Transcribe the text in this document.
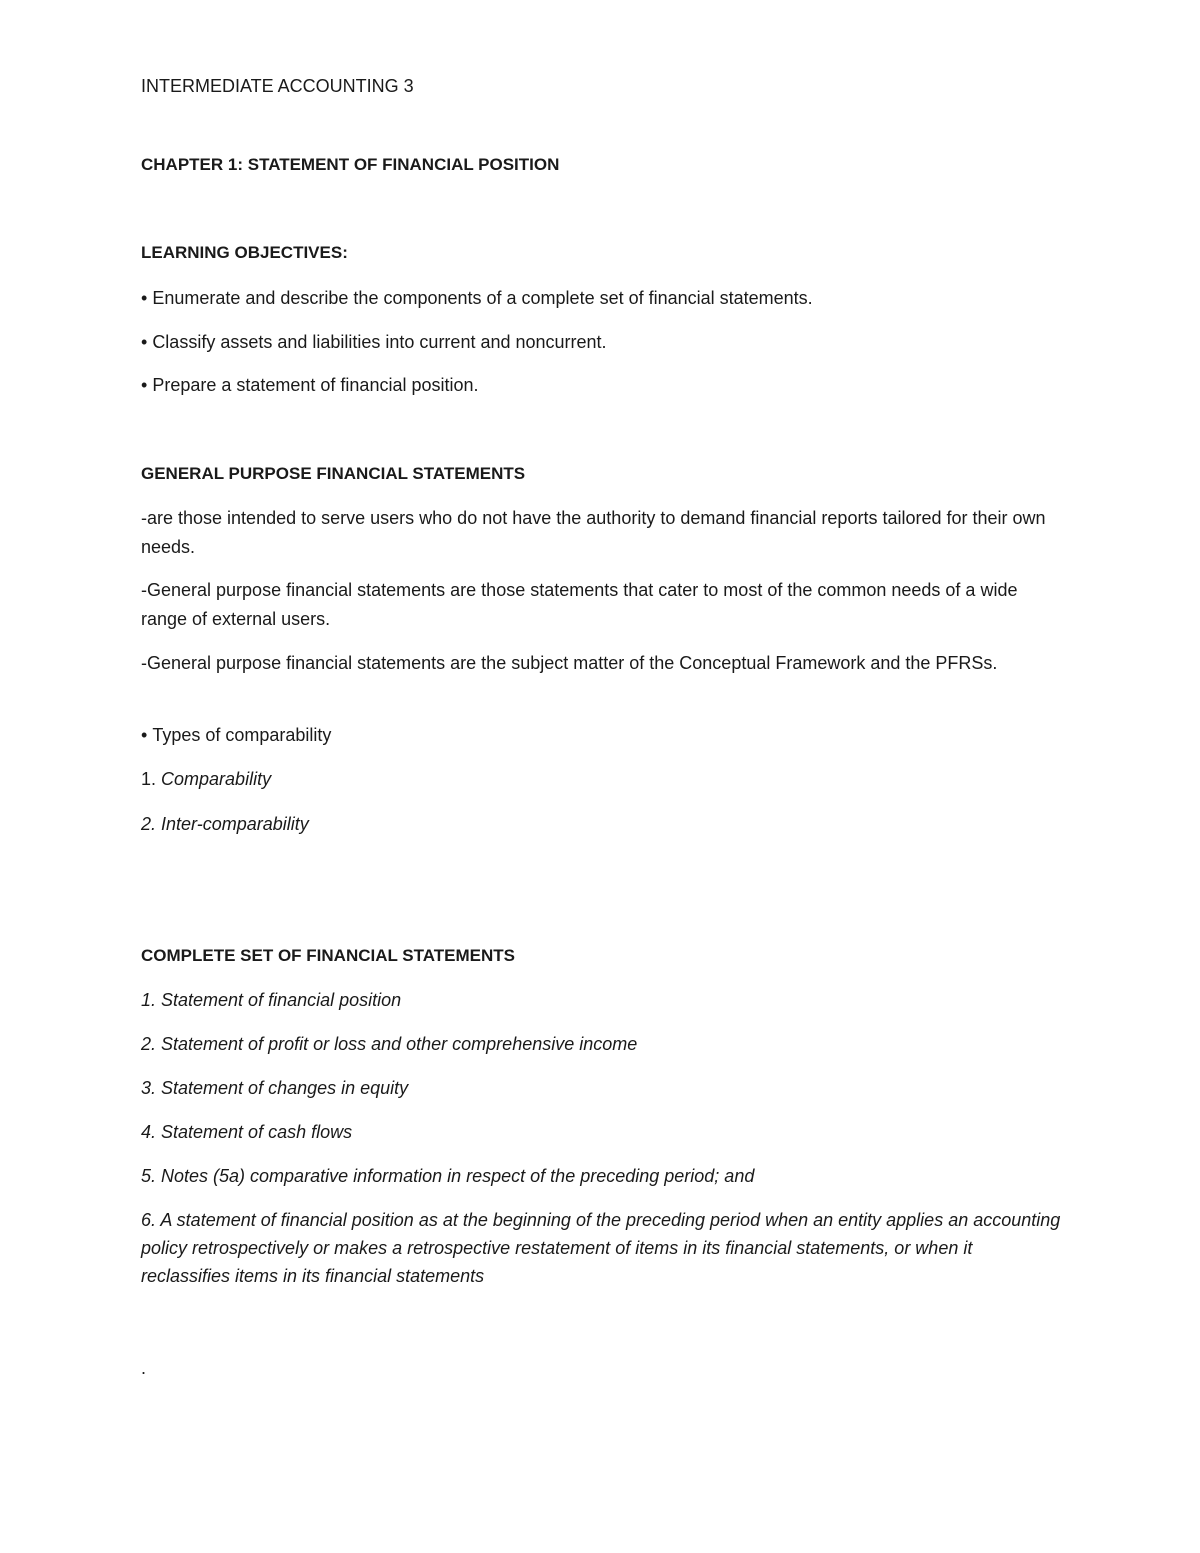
INTERMEDIATE ACCOUNTING 3

CHAPTER 1: STATEMENT OF FINANCIAL POSITION

LEARNING OBJECTIVES:

• Enumerate and describe the components of a complete set of financial statements.

• Classify assets and liabilities into current and noncurrent.

• Prepare a statement of financial position.

GENERAL PURPOSE FINANCIAL STATEMENTS

-are those intended to serve users who do not have the authority to demand financial reports tailored for their own needs.

-General purpose financial statements are those statements that cater to most of the common needs of a wide range of external users.

-General purpose financial statements are the subject matter of the Conceptual Framework and the PFRSs.

• Types of comparability

1. Comparability

2. Inter-comparability

COMPLETE SET OF FINANCIAL STATEMENTS

1. Statement of financial position

2. Statement of profit or loss and other comprehensive income

3. Statement of changes in equity

4. Statement of cash flows

5. Notes (5a) comparative information in respect of the preceding period; and

6. A statement of financial position as at the beginning of the preceding period when an entity applies an accounting policy retrospectively or makes a retrospective restatement of items in its financial statements, or when it reclassifies items in its financial statements

.
